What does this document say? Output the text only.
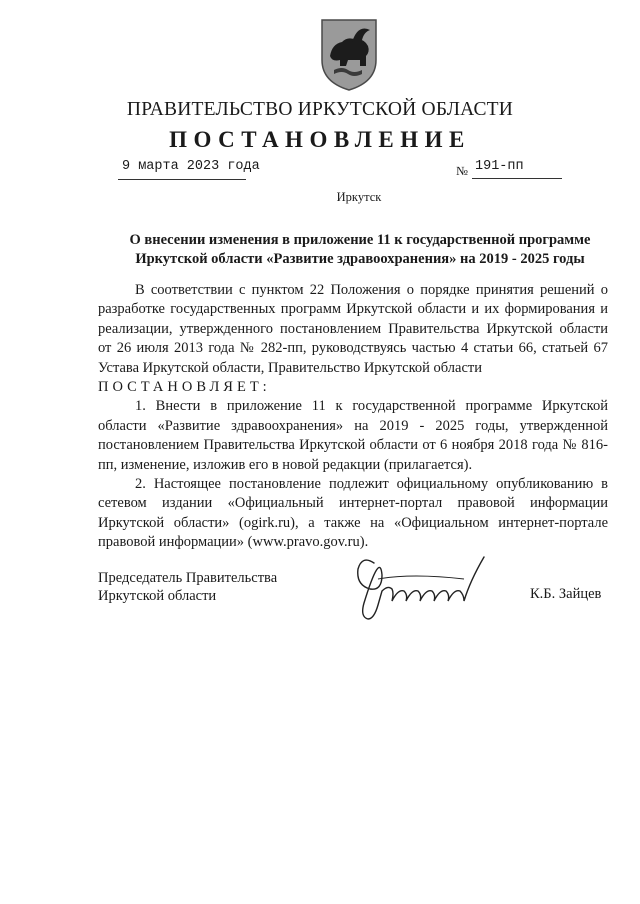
ПРАВИТЕЛЬСТВО ИРКУТСКОЙ ОБЛАСТИ
ПОСТАНОВЛЕНИЕ
9 марта 2023 года	№ 191-пп
Иркутск
О внесении изменения в приложение 11 к государственной программе Иркутской области «Развитие здравоохранения» на 2019 - 2025 годы

В соответствии с пунктом 22 Положения о порядке принятия решений о разработке государственных программ Иркутской области и их формирования и реализации, утвержденного постановлением Правительства Иркутской области от 26 июля 2013 года № 282-пп, руководствуясь частью 4 статьи 66, статьей 67 Устава Иркутской области, Правительство Иркутской области

ПОСТАНОВЛЯЕТ:

1. Внести в приложение 11 к государственной программе Иркутской области «Развитие здравоохранения» на 2019 - 2025 годы, утвержденной постановлением Правительства Иркутской области от 6 ноября 2018 года № 816-пп, изменение, изложив его в новой редакции (прилагается).

2. Настоящее постановление подлежит официальному опубликованию в сетевом издании «Официальный интернет-портал правовой информации Иркутской области» (ogirk.ru), а также на «Официальном интернет-портале правовой информации» (www.pravo.gov.ru).

Председатель Правительства
Иркутской области	К.Б. Зайцев
